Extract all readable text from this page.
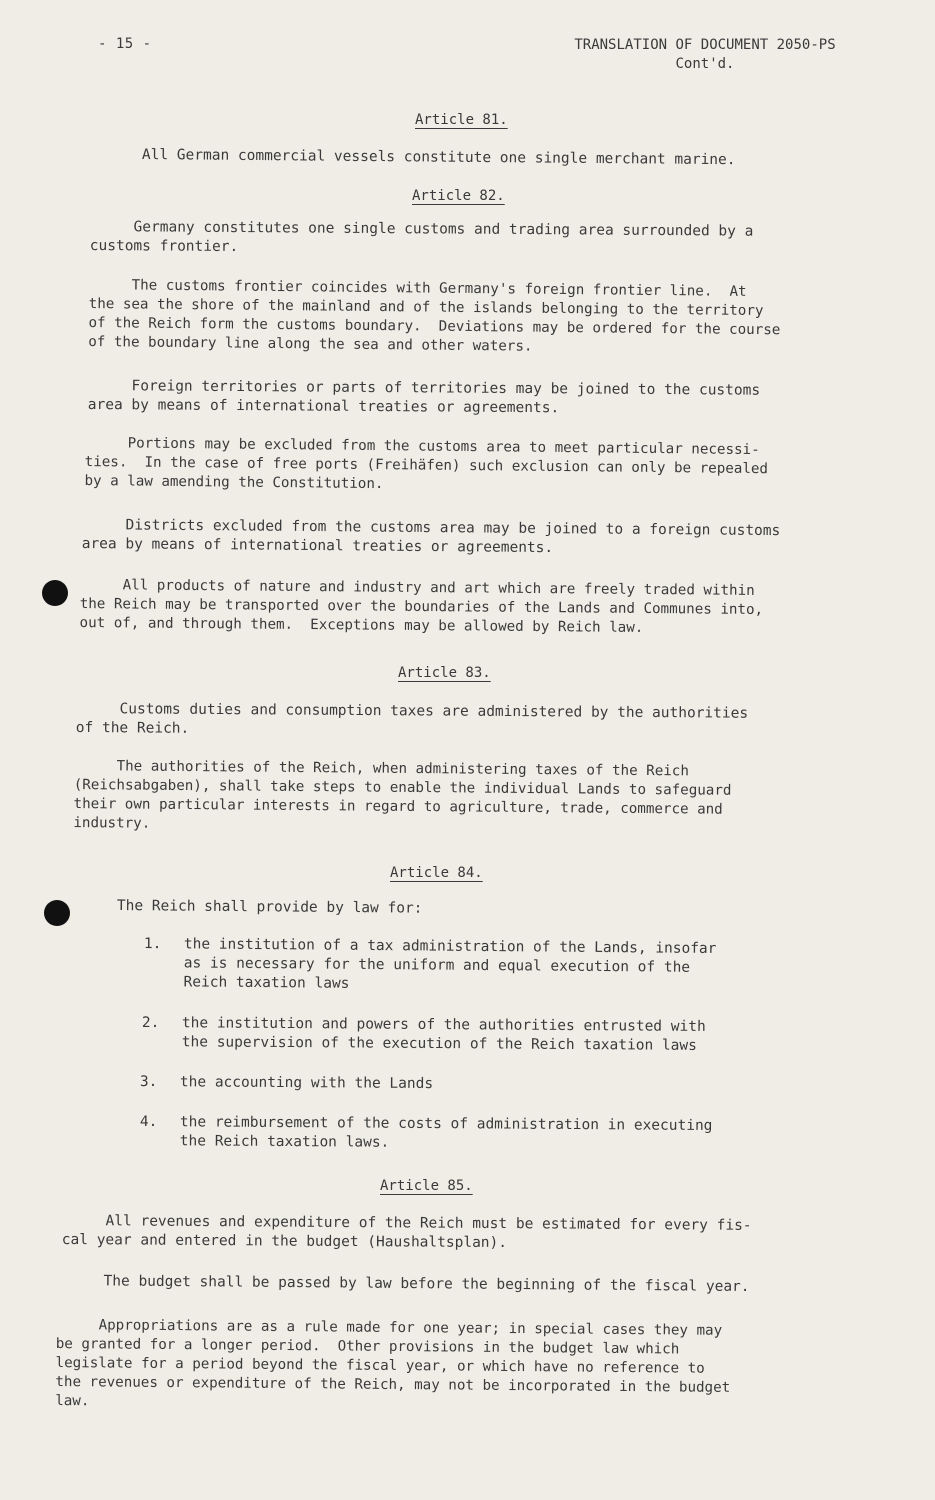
- 15 -	TRANSLATION OF DOCUMENT 2050-PS
Cont'd.
Article 81.
All German commercial vessels constitute one single merchant marine.
Article 82.
Germany constitutes one single customs and trading area surrounded by a
customs frontier.
The customs frontier coincides with Germany's foreign frontier line.  At
the sea the shore of the mainland and of the islands belonging to the territory
of the Reich form the customs boundary.  Deviations may be ordered for the course
of the boundary line along the sea and other waters.
Foreign territories or parts of territories may be joined to the customs
area by means of international treaties or agreements.
Portions may be excluded from the customs area to meet particular necessi-
ties.  In the case of free ports (Freihäfen) such exclusion can only be repealed
by a law amending the Constitution.
Districts excluded from the customs area may be joined to a foreign customs
area by means of international treaties or agreements.
All products of nature and industry and art which are freely traded within
the Reich may be transported over the boundaries of the Lands and Communes into,
out of, and through them.  Exceptions may be allowed by Reich law.
Article 83.
Customs duties and consumption taxes are administered by the authorities
of the Reich.
The authorities of the Reich, when administering taxes of the Reich
(Reichsabgaben), shall take steps to enable the individual Lands to safeguard
their own particular interests in regard to agriculture, trade, commerce and
industry.
Article 84.
The Reich shall provide by law for:
1.	the institution of a tax administration of the Lands, insofar
as is necessary for the uniform and equal execution of the
Reich taxation laws
2.	the institution and powers of the authorities entrusted with
the supervision of the execution of the Reich taxation laws
3.	the accounting with the Lands
4.	the reimbursement of the costs of administration in executing
the Reich taxation laws.
Article 85.
All revenues and expenditure of the Reich must be estimated for every fis-
cal year and entered in the budget (Haushaltsplan).
The budget shall be passed by law before the beginning of the fiscal year.
Appropriations are as a rule made for one year; in special cases they may
be granted for a longer period.  Other provisions in the budget law which
legislate for a period beyond the fiscal year, or which have no reference to
the revenues or expenditure of the Reich, may not be incorporated in the budget
law.
